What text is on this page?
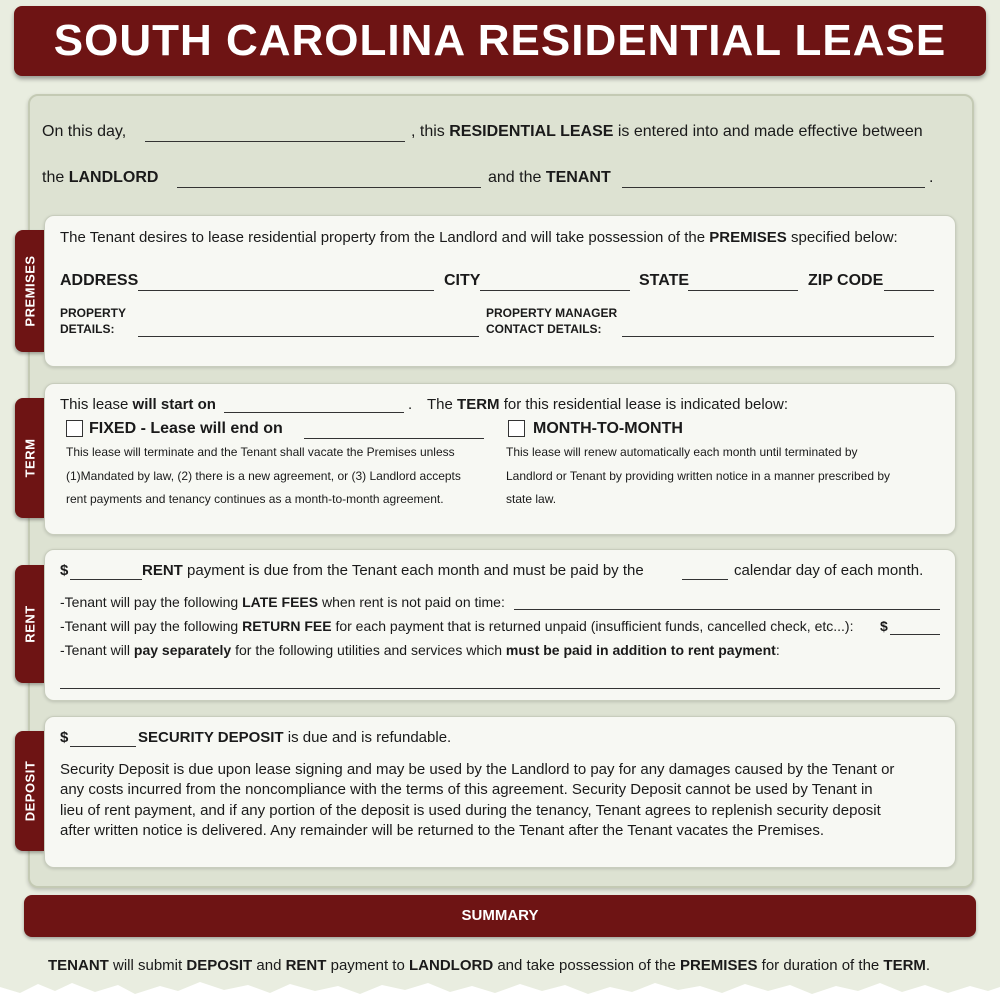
SOUTH CAROLINA RESIDENTIAL LEASE
On this day,	, this RESIDENTIAL LEASE is entered into and made effective between
the LANDLORD	and the TENANT	.
PREMISES
The Tenant desires to lease residential property from the Landlord and will take possession of the PREMISES specified below:
ADDRESS	CITY	STATE	ZIP CODE
PROPERTY
DETAILS:
PROPERTY MANAGER
CONTACT DETAILS:
TERM
This lease will start on	. The TERM for this residential lease is indicated below:
FIXED - Lease will end on
This lease will terminate and the Tenant shall vacate the Premises unless
(1)Mandated by law, (2) there is a new agreement, or (3) Landlord accepts
rent payments and tenancy continues as a month-to-month agreement.
MONTH-TO-MONTH
This lease will renew automatically each month until terminated by
Landlord or Tenant by providing written notice in a manner prescribed by
state law.
RENT
$	RENT payment is due from the Tenant each month and must be paid by the	calendar day of each month.
-Tenant will pay the following LATE FEES when rent is not paid on time:
-Tenant will pay the following RETURN FEE for each payment that is returned unpaid (insufficient funds, cancelled check, etc...): $
-Tenant will pay separately for the following utilities and services which must be paid in addition to rent payment:
DEPOSIT
$	SECURITY DEPOSIT is due and is refundable.
Security Deposit is due upon lease signing and may be used by the Landlord to pay for any damages caused by the Tenant or
any costs incurred from the noncompliance with the terms of this agreement. Security Deposit cannot be used by Tenant in
lieu of rent payment, and if any portion of the deposit is used during the tenancy, Tenant agrees to replenish security deposit
after written notice is delivered. Any remainder will be returned to the Tenant after the Tenant vacates the Premises.
SUMMARY
TENANT will submit DEPOSIT and RENT payment to LANDLORD and take possession of the PREMISES for duration of the TERM.
